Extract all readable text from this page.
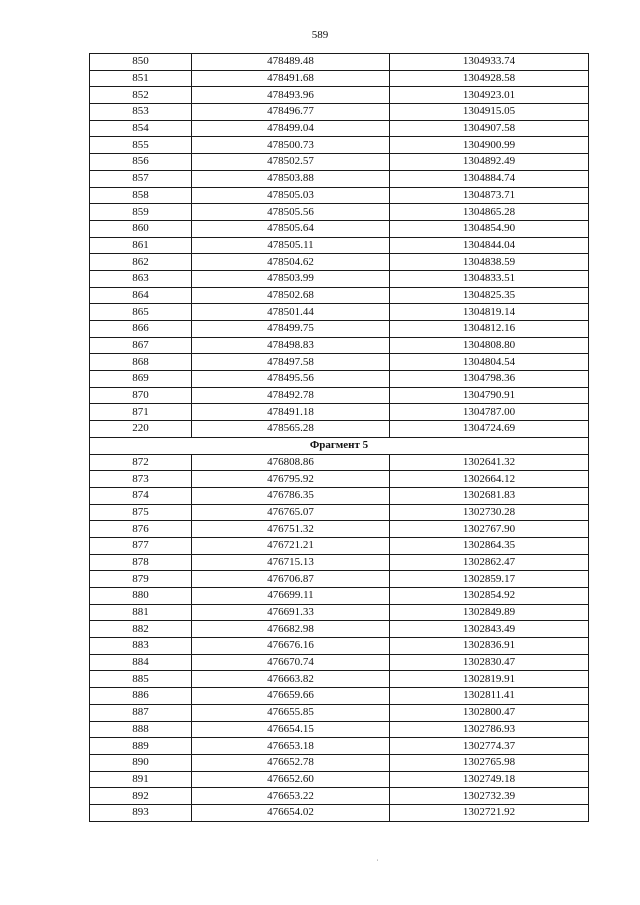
589
850	478489.48	1304933.74
851	478491.68	1304928.58
852	478493.96	1304923.01
853	478496.77	1304915.05
854	478499.04	1304907.58
855	478500.73	1304900.99
856	478502.57	1304892.49
857	478503.88	1304884.74
858	478505.03	1304873.71
859	478505.56	1304865.28
860	478505.64	1304854.90
861	478505.11	1304844.04
862	478504.62	1304838.59
863	478503.99	1304833.51
864	478502.68	1304825.35
865	478501.44	1304819.14
866	478499.75	1304812.16
867	478498.83	1304808.80
868	478497.58	1304804.54
869	478495.56	1304798.36
870	478492.78	1304790.91
871	478491.18	1304787.00
220	478565.28	1304724.69
Фрагмент 5		
872	476808.86	1302641.32
873	476795.92	1302664.12
874	476786.35	1302681.83
875	476765.07	1302730.28
876	476751.32	1302767.90
877	476721.21	1302864.35
878	476715.13	1302862.47
879	476706.87	1302859.17
880	476699.11	1302854.92
881	476691.33	1302849.89
882	476682.98	1302843.49
883	476676.16	1302836.91
884	476670.74	1302830.47
885	476663.82	1302819.91
886	476659.66	1302811.41
887	476655.85	1302800.47
888	476654.15	1302786.93
889	476653.18	1302774.37
890	476652.78	1302765.98
891	476652.60	1302749.18
892	476653.22	1302732.39
893	476654.02	1302721.92
˙
